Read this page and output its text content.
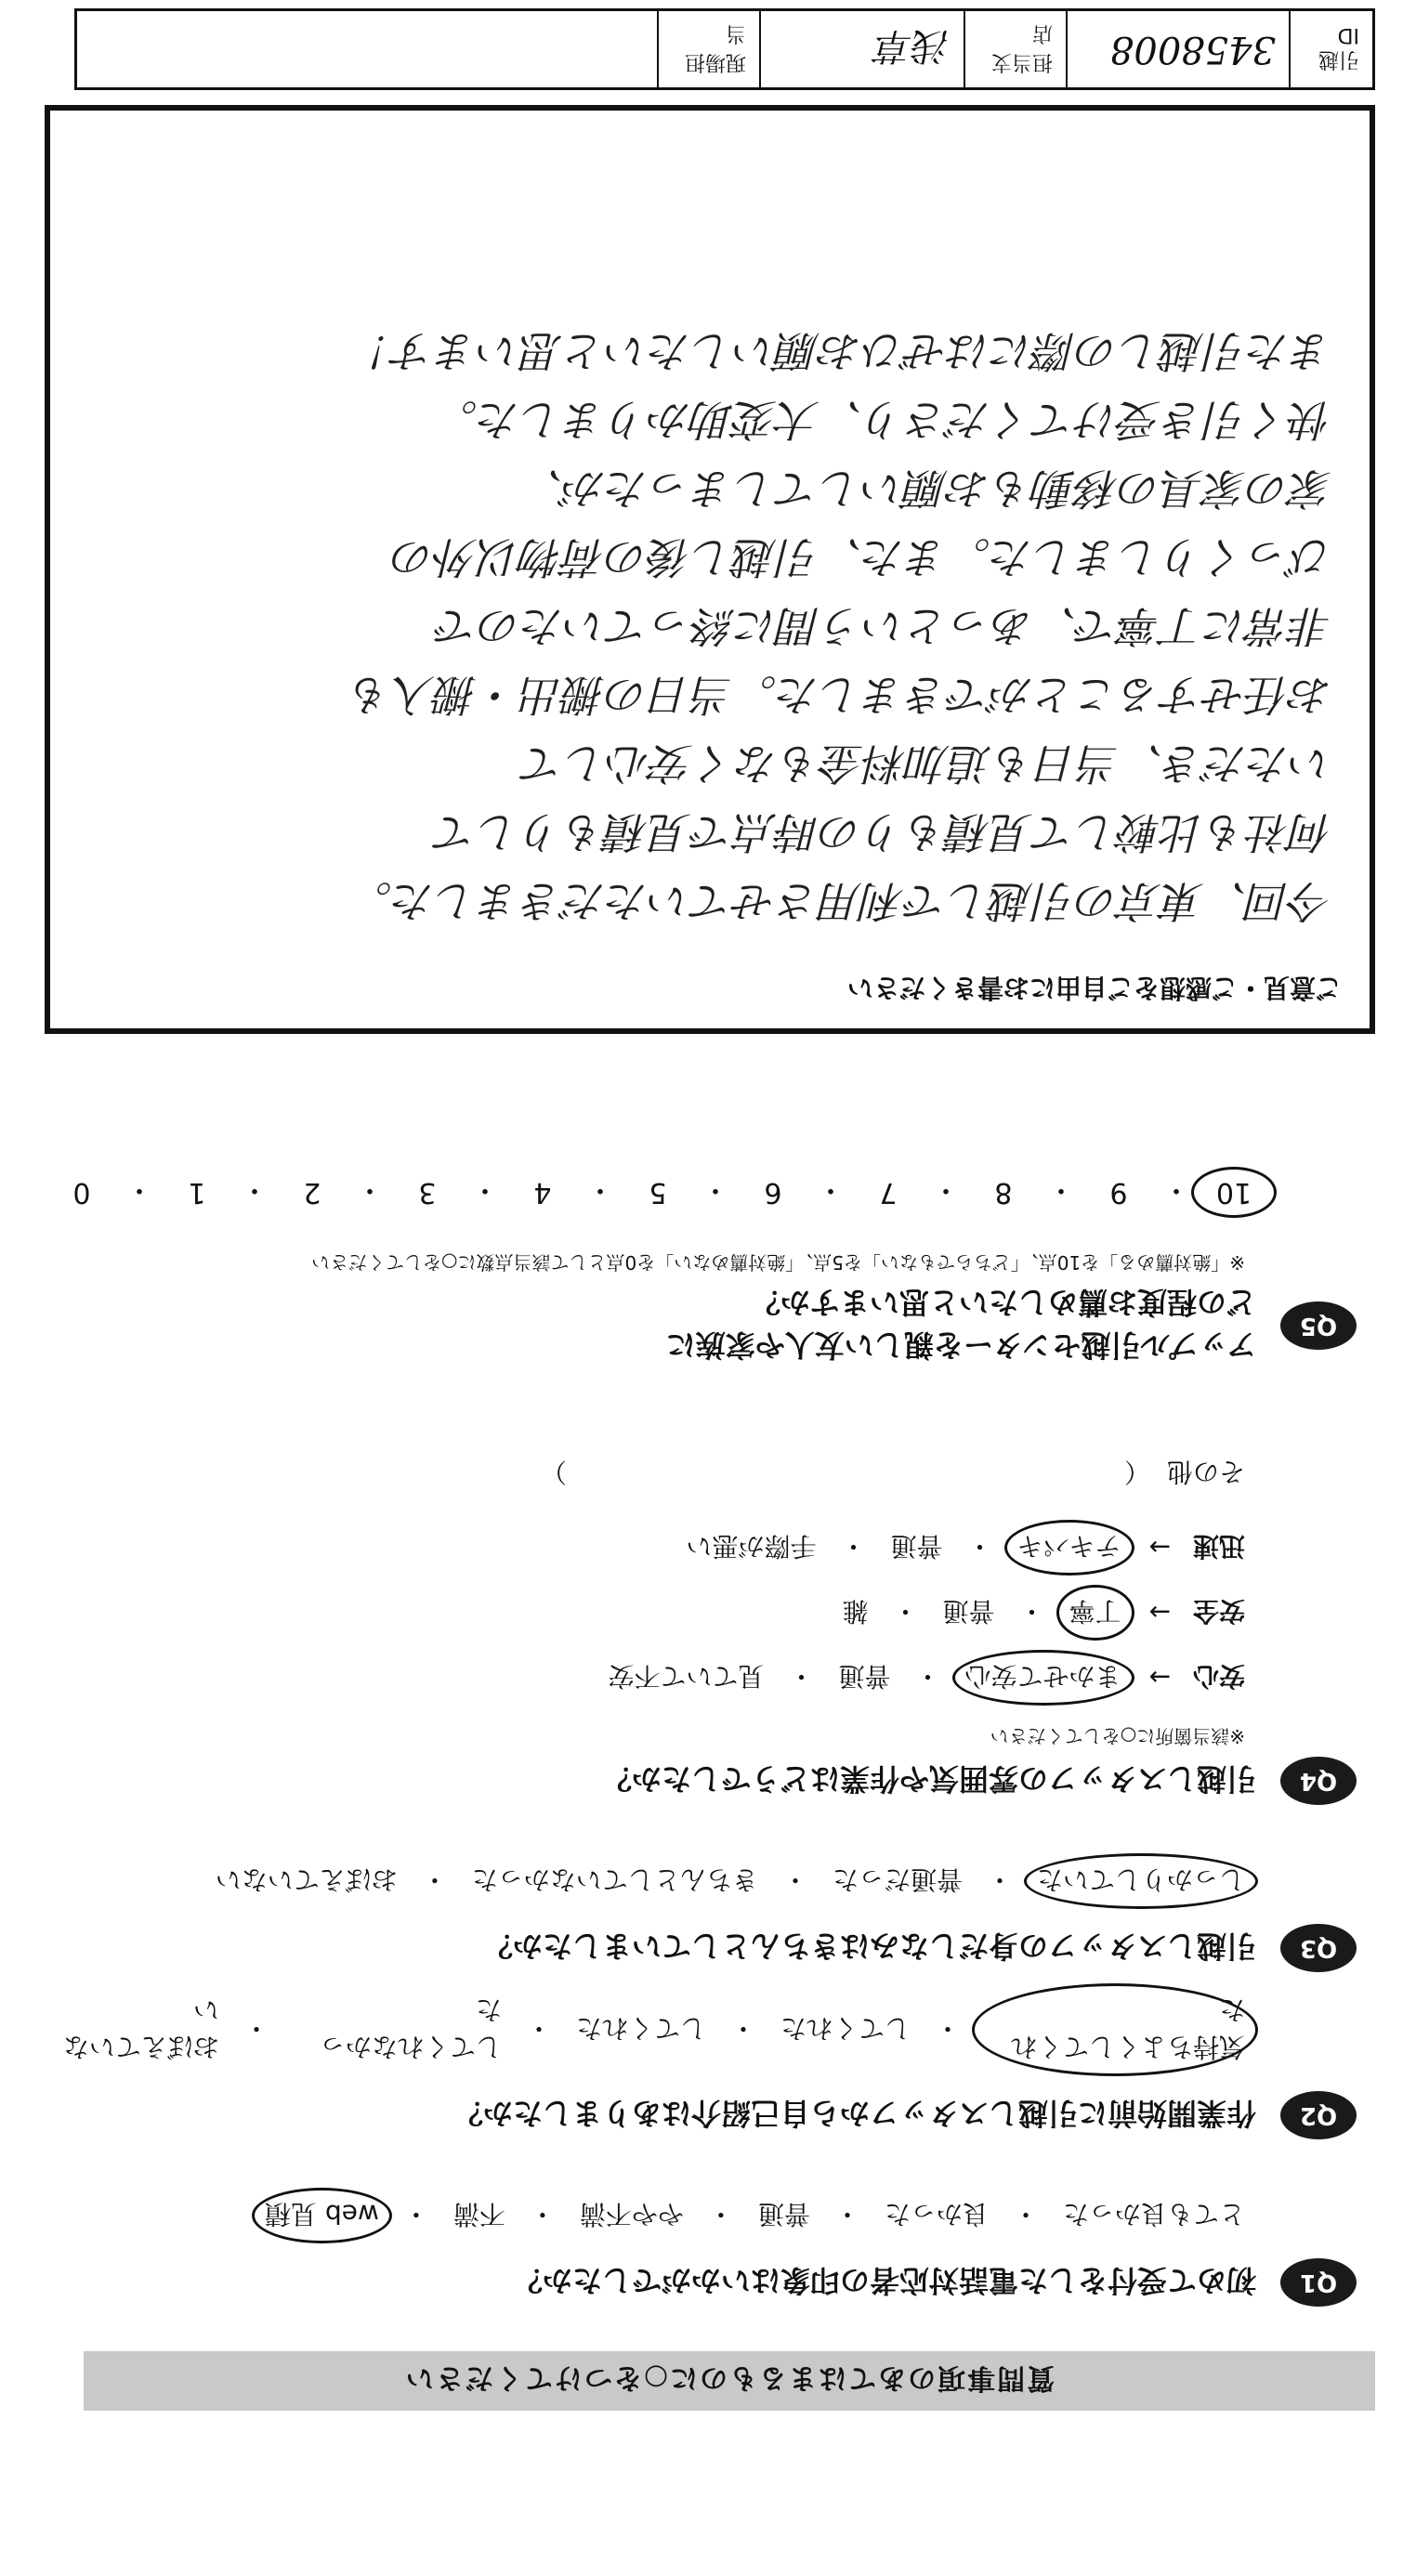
質問事項のあてはまるものに○をつけてください
Q1
初めて受付をした電話対応者の印象はいかがでしたか？
とても良かった
・
良かった
・
普通
・
やや不満
・
不満
・
web 見積
Q2
作業開始前に引越しスタッフから自己紹介はありましたか？
気持ちよくしてくれた
・
してくれた
・
してくれた
・
してくれなかった
・
おぼえていない
Q3
引越しスタッフの身だしなみはきちんとしていましたか？
しっかりしていた
・
普通だった
・
きちんとしていなかった
・
おぼえていない
Q4
引越しスタッフの雰囲気や作業はどうでしたか？
※該当箇所に○をしてください
安心
→
まかせて安心
・
普通
・
見ていて不安
安全
→
丁寧
・
普通
・
雑
迅速
→
テキパキ
・
普通
・
手際が悪い
その他
（
）
Q5
アップル引越センターを親しい友人や家族に
どの程度お薦めしたいと思いますか？
※「絶対薦める」を10点、「どちらでもない」を5点、「絶対薦めない」を0点として該当点数に○をしてください
10
・
9
・
8
・
7
・
6
・
5
・
4
・
3
・
2
・
1
・
0
ご意見・ご感想をご自由にお書きください
今回、東京の引越しで利用させていただきました。
何社も比較して見積もりの時点で見積もりして
いただき、当日も追加料金もなく安心して
お任せすることができました。当日の搬出・搬入も
非常に丁寧で、あっという間に終っていたので
びっくりしました。また、引越し後の荷物以外の
家の家具の移動もお願いしてしまったが、
快く引き受けてくださり、大変助かりました。
また引越しの際にはぜひお願いしたいと思います！
引越ID
3458008
担当支店
浅草
現場担当
